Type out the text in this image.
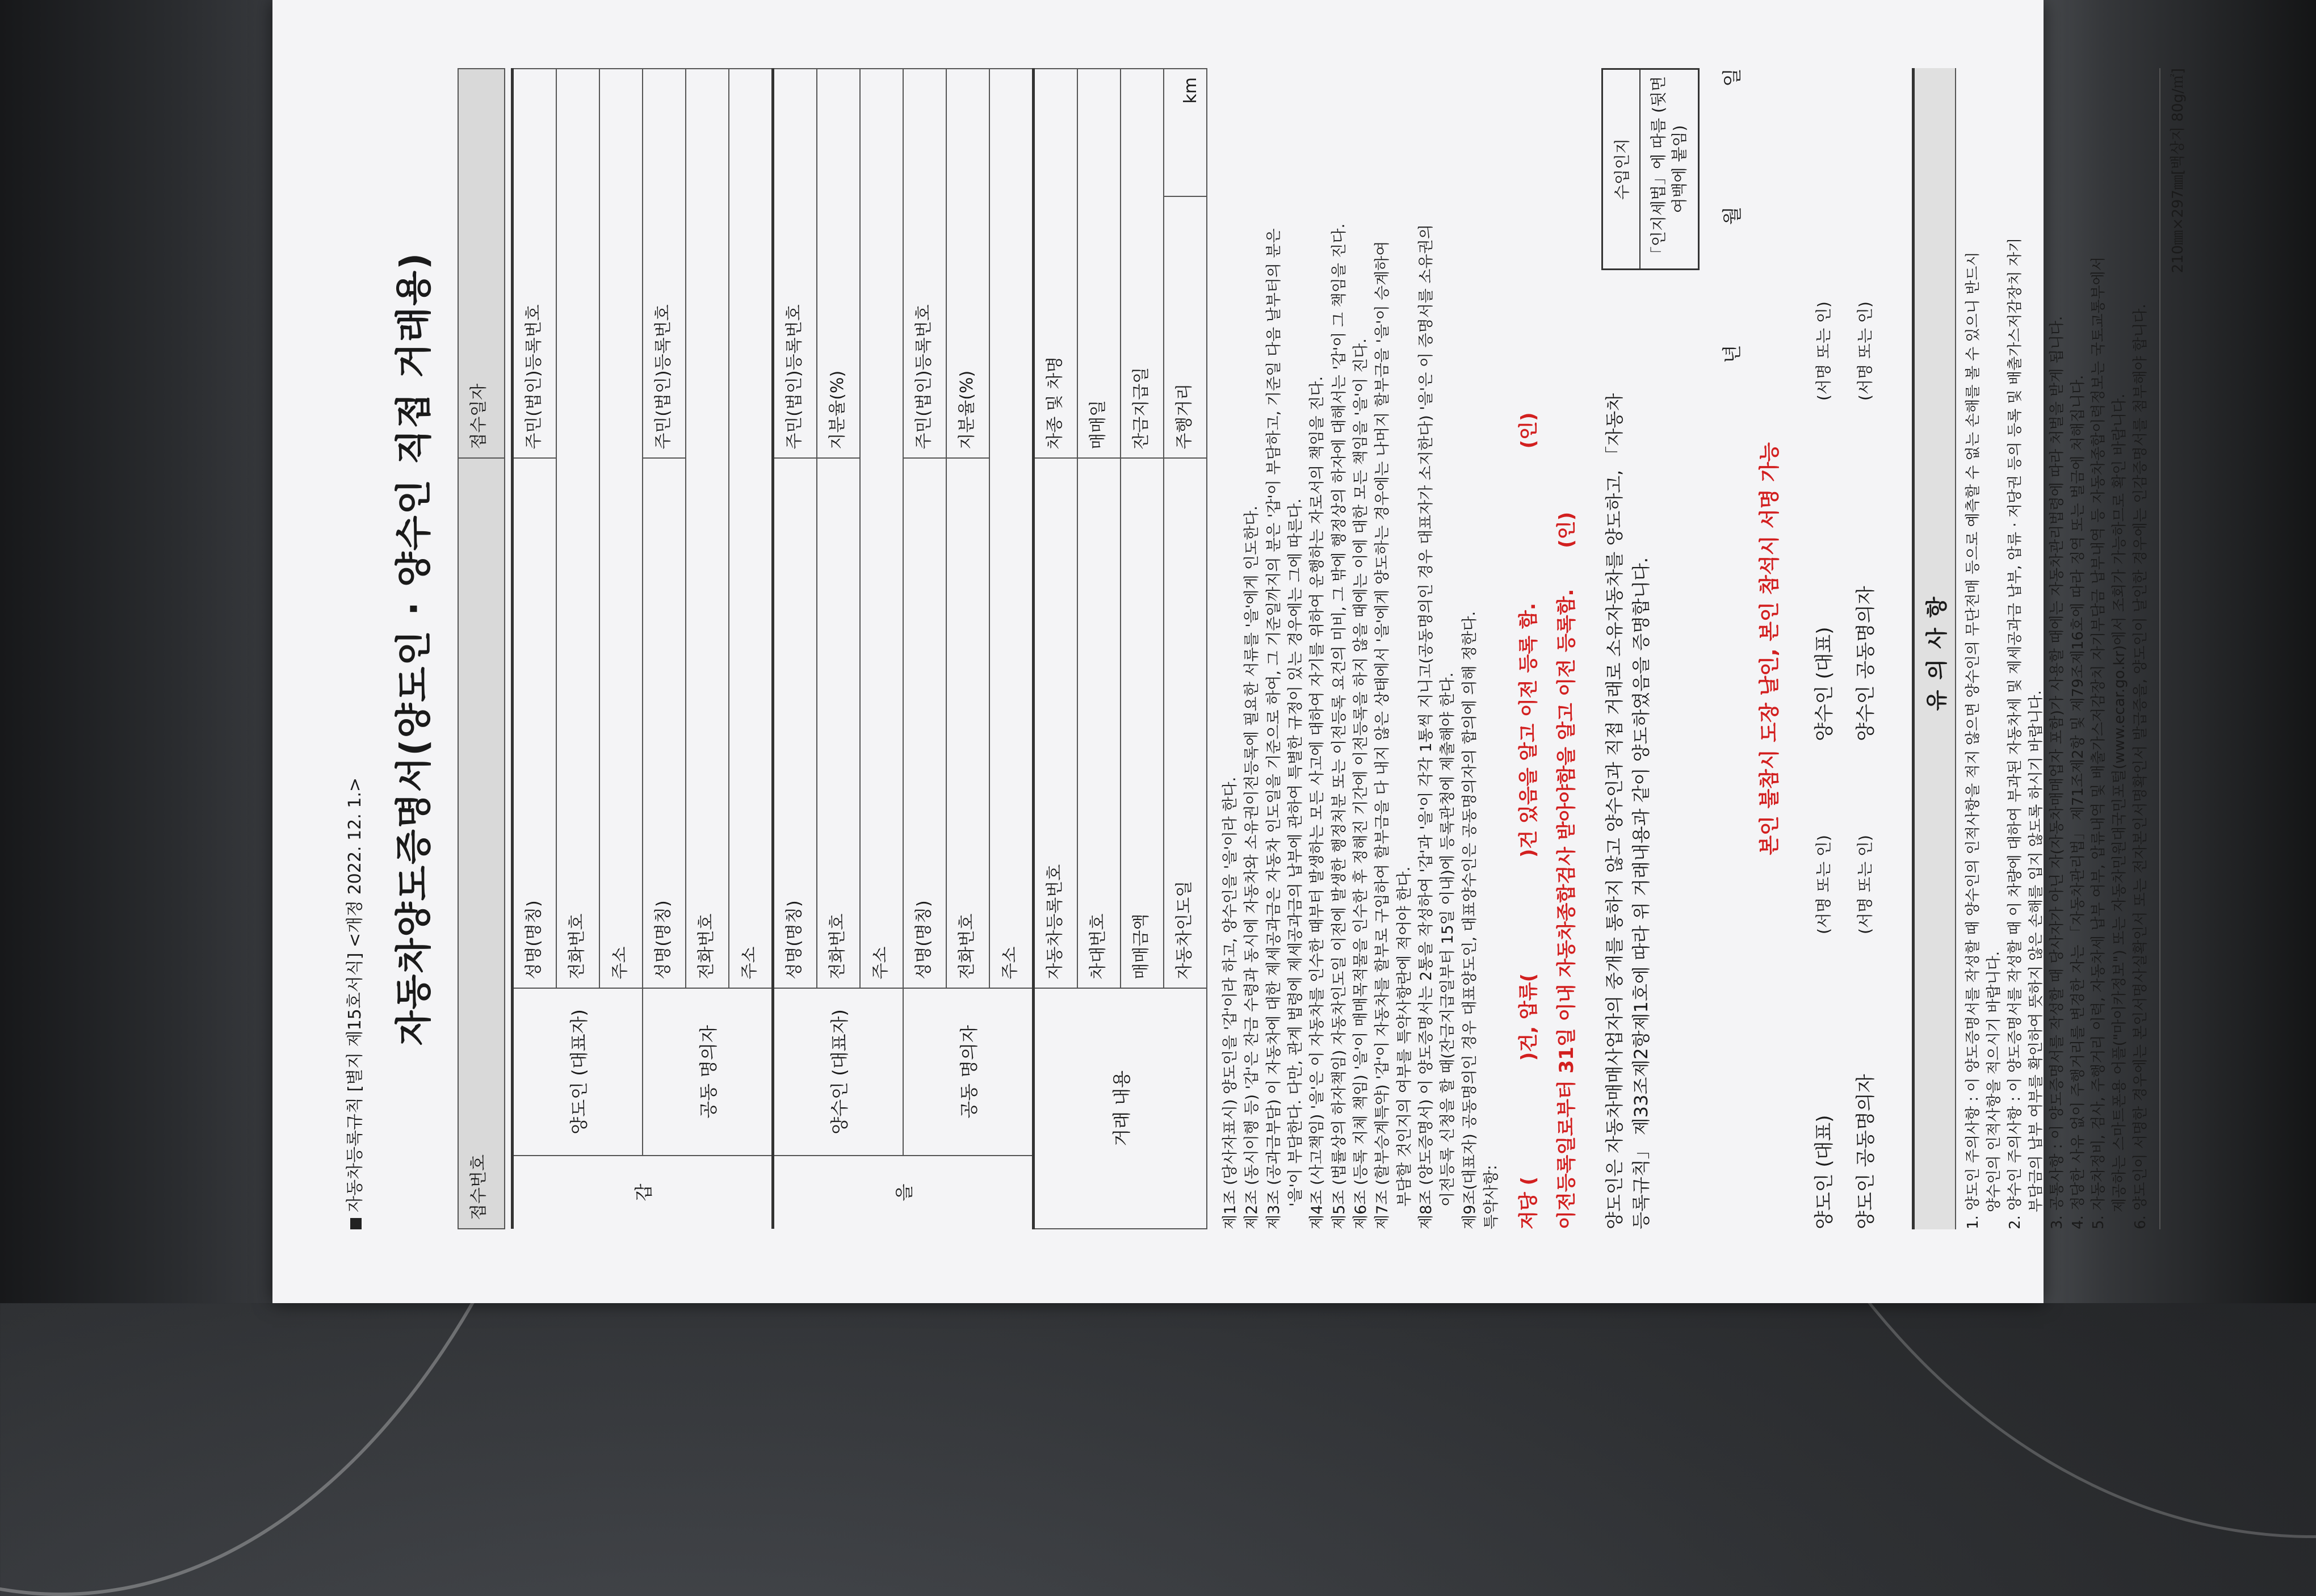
자동차등록규칙 [별지 제15호서식] <개정 2022. 12. 1.> 자동차양도증명서(양도인 · 양수인 직접 거래용)
접수번호			접수일자	

갑	양도인 (대표자)	성명(명칭)	주민(법인)등록번호	
		전화번호		
		주소		
	공동 명의자	성명(명칭)	주민(법인)등록번호	
		전화번호		
		주소		
을	양수인 (대표자)	성명(명칭)	주민(법인)등록번호	
		전화번호	지분율(%)	
		주소		
	공동 명의자	성명(명칭)	주민(법인)등록번호	
		전화번호	지분율(%)	
		주소		
거래 내용		자동차등록번호	차종 및 차명	
		차대번호	매매일	
		매매금액	잔금지급일	
		자동차인도일	주행거리	km

제1조 (당사자표시) 양도인을 '갑'이라 하고, 양수인을 '을'이라 한다. 제2조 (동시이행 등) '갑'은 잔금 수령과 동시에 자동차와 소유권이전등록에 필요한 서류를 '을'에게 인도한다. 제3조 (공과금부담) 이 자동차에 대한 제세공과금은 자동차 인도일을 기준으로 하여, 그 기준일까지의 분은 '갑'이 부담하고, 기준일 다음 날부터의 분은 '을'이 부담한다. 다만, 관계 법령에 제세공과금의 납부에 관하여 특별한 규정이 있는 경우에는 그에 따른다. 제4조 (사고책임) '을'은 이 자동차를 인수한 때부터 발생하는 모든 사고에 대하여 자기를 위하여 운행하는 자로서의 책임을 진다. 제5조 (법률상의 하자책임) 자동차인도일 이전에 발생한 행정처분 또는 이전등록 요건의 미비, 그 밖에 행정상의 하자에 대해서는 '갑'이 그 책임을 진다. 제6조 (등록 지체 책임) '을'이 매매목적물을 인수한 후 정해진 기간에 이전등록을 하지 않을 때에는 이에 대한 모든 책임을 '을'이 진다. 제7조 (할부승계특약) '갑'이 자동차를 할부로 구입하여 할부금을 다 내지 않은 상태에서 '을'에게 양도하는 경우에는 나머지 할부금을 '을'이 승계하여 부담할 것인지의 여부를 특약사항란에 적어야 한다. 제8조 (양도증명서) 이 양도증명서는 2통을 작성하여 '갑'과 '을'이 각각 1통씩 지니고(공동명의인 경우 대표자가 소지한다) '을'은 이 증명서를 소유권의 이전등록 신청을 할 때(잔금지급일부터 15일 이내)에 등록관청에 제출해야 한다. 제9조(대표자) 공동명의인 경우 대표양도인, 대표양수인은 공동명의자의 합의에 의해 정한다. 특약사항: 저당 (  )건, 압류(  )건 있음을 알고 이전 등록 함. (인)
이전등록일로부터 31일 이내 자동차종합검사 받아야함을 알고 이전 등록함. (인) 양도인은 자동차매매사업자의 중개를 통하지 않고 양수인과 직접 거래로 소유자동차를 양도하고, 「자동차등록규칙」 제33조제2항제1호에 따라 위 거래내용과 같이 양도하였음을 증명합니다.
수입인지	「인지세법」에 따름 (뒷면 여백에 붙임)
년 월 일
본인 불참시 도장 날인, 본인 참석시 서명 가능
양도인 (대표)
(서명 또는 인)
양수인 (대표)
(서명 또는 인)
양도인 공동명의자
(서명 또는 인)
양수인 공동명의자
(서명 또는 인)
유의사항	1. 양도인 주의사항 : 이 양도증명서를 작성할 때 양수인의 인적사항을 적지 않으면 양수인의 무단전매 등으로 예측할 수 없는 손해를 볼 수 있으니 반드시 양수인의 인적사항을 적으시기 바랍니다. 2. 양수인 주의사항 : 이 양도증명서를 작성할 때 이 차량에 대하여 부과된 자동차세 및 제세공과금 납부, 압류 · 저당권 등의 등록 및 배출가스저감장치 자기 부담금의 납부 여부를 확인하여 뜻하지 않은 손해를 입지 않도록 하시기 바랍니다. 3. 공통사항 : 이 양도증명서를 작성할 때 당사자가 아닌 자(자동차매매업자 포함)가 사용할 때에는 자동차관리법령에 따라 처벌을 받게 됩니다. 4. 정당한 사유 없이 주행거리를 변경한 자는 「자동차관리법」 제71조제2항 및 제79조제16호에 따라 징역 또는 벌금에 처해집니다. 5. 자동차정비, 검사, 주행거리 이력, 자동차세 납부 여부, 압류내역 및 배출가스저감장치 자기부담금 납부내역 등 자동차종합이력정보는 국토교통부에서 제공하는 스마트폰용 어플("마이카정보") 또는 자동차민원대국민포털(www.ecar.go.kr)에서 조회가 가능하므로 확인 바랍니다. 6. 양도인이 서명한 경우에는 본인서명사실확인서 또는 전자본인서명확인서 발급증을, 양도인이 날인한 경우에는 인감증명서를 첨부해야 합니다.

210㎜×297㎜[백상지 80g/㎡]
